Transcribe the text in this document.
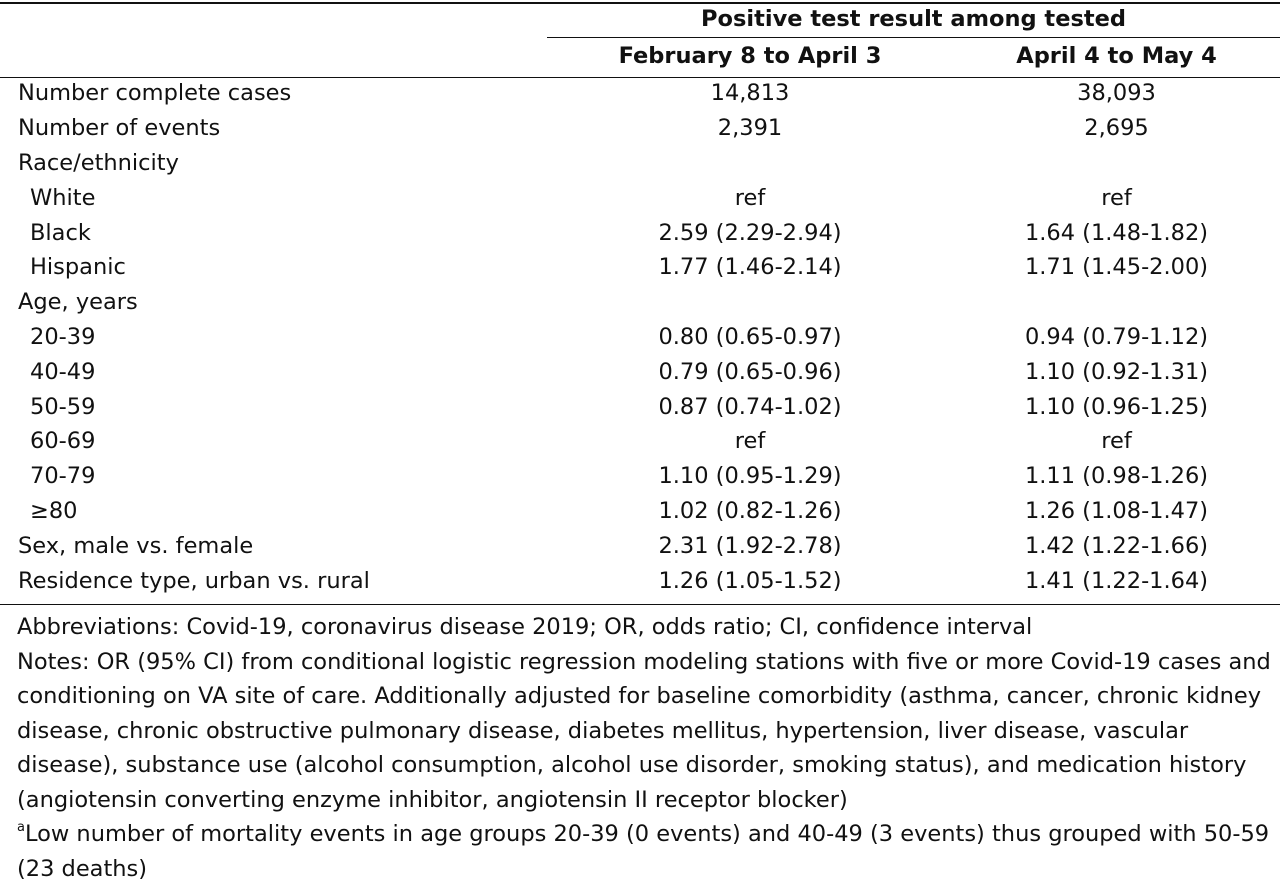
	Positive test result among tested	
	February 8 to April 3	April 4 to May 4
Number complete cases	14,813	38,093
Number of events	2,391	2,695
Race/ethnicity		
White	ref	ref
Black	2.59 (2.29-2.94)	1.64 (1.48-1.82)
Hispanic	1.77 (1.46-2.14)	1.71 (1.45-2.00)
Age, years		
20-39	0.80 (0.65-0.97)	0.94 (0.79-1.12)
40-49	0.79 (0.65-0.96)	1.10 (0.92-1.31)
50-59	0.87 (0.74-1.02)	1.10 (0.96-1.25)
60-69	ref	ref
70-79	1.10 (0.95-1.29)	1.11 (0.98-1.26)
≥80	1.02 (0.82-1.26)	1.26 (1.08-1.47)
Sex, male vs. female	2.31 (1.92-2.78)	1.42 (1.22-1.66)
Residence type, urban vs. rural	1.26 (1.05-1.52)	1.41 (1.22-1.64)

Abbreviations: Covid-19, coronavirus disease 2019; OR, odds ratio; CI, confidence interval

Notes: OR (95% CI) from conditional logistic regression modeling stations with five or more Covid-19 cases and conditioning on VA site of care. Additionally adjusted for baseline comorbidity (asthma, cancer, chronic kidney disease, chronic obstructive pulmonary disease, diabetes mellitus, hypertension, liver disease, vascular disease), substance use (alcohol consumption, alcohol use disorder, smoking status), and medication history (angiotensin converting enzyme inhibitor, angiotensin II receptor blocker)

$^a$Low number of mortality events in age groups 20-39 (0 events) and 40-49 (3 events) thus grouped with 50-59 (23 deaths)
